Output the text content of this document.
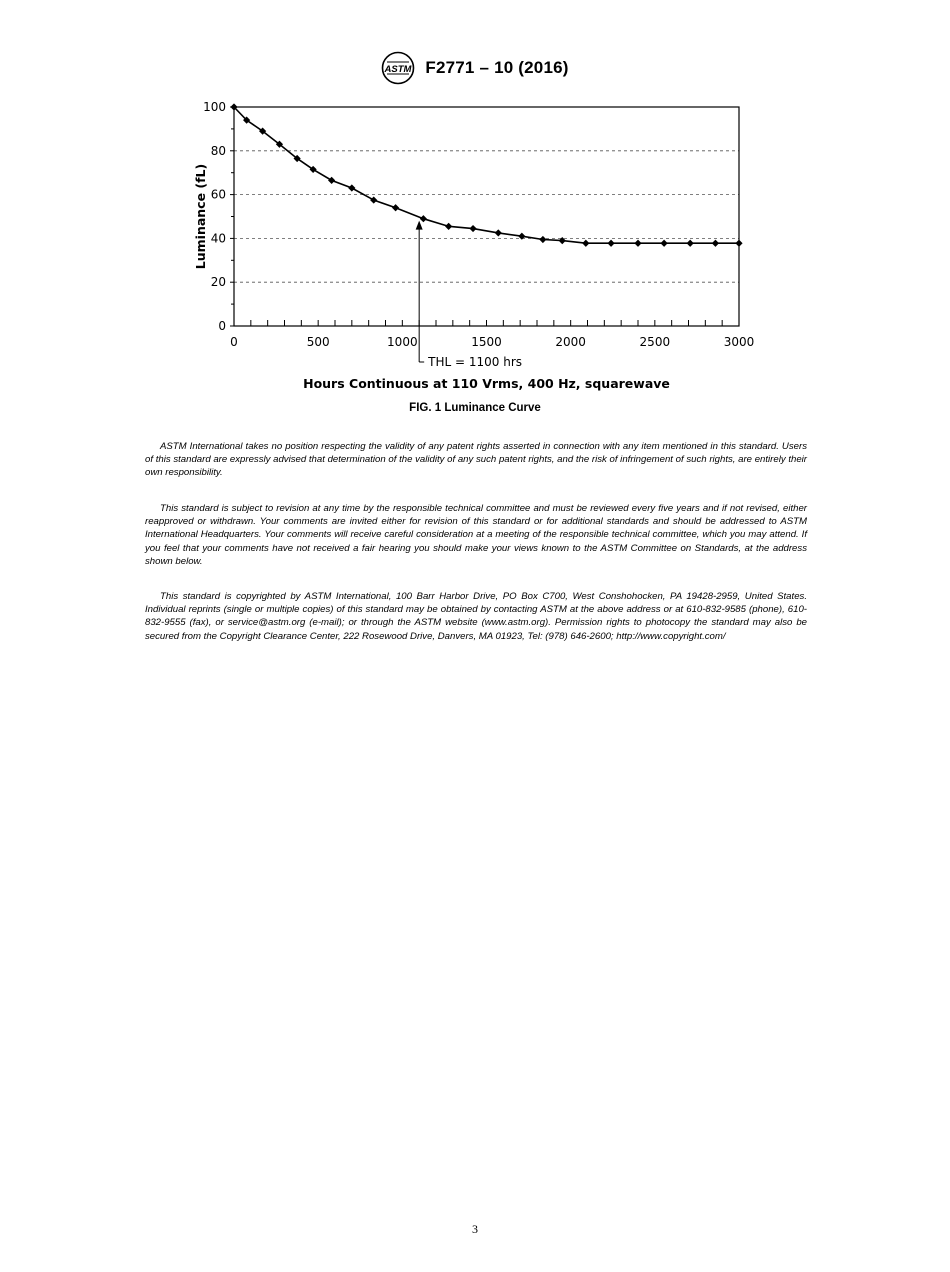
ASTM F2771 – 10 (2016)
0
20
40
60
80
100
0	500	1000	1500	2000	2500	3000
THL = 1100 hrs
Hours Continuous at 110 Vrms, 400 Hz, squarewave
Luminance (fL)
FIG. 1 Luminance Curve

ASTM International takes no position respecting the validity of any patent rights asserted in connection with any item mentioned in this standard. Users of this standard are expressly advised that determination of the validity of any such patent rights, and the risk of infringement of such rights, are entirely their own responsibility.

This standard is subject to revision at any time by the responsible technical committee and must be reviewed every five years and if not revised, either reapproved or withdrawn. Your comments are invited either for revision of this standard or for additional standards and should be addressed to ASTM International Headquarters. Your comments will receive careful consideration at a meeting of the responsible technical committee, which you may attend. If you feel that your comments have not received a fair hearing you should make your views known to the ASTM Committee on Standards, at the address shown below.

This standard is copyrighted by ASTM International, 100 Barr Harbor Drive, PO Box C700, West Conshohocken, PA 19428-2959, United States. Individual reprints (single or multiple copies) of this standard may be obtained by contacting ASTM at the above address or at 610-832-9585 (phone), 610-832-9555 (fax), or service@astm.org (e-mail); or through the ASTM website (www.astm.org). Permission rights to photocopy the standard may also be secured from the Copyright Clearance Center, 222 Rosewood Drive, Danvers, MA 01923, Tel: (978) 646-2600; http://www.copyright.com/

3
